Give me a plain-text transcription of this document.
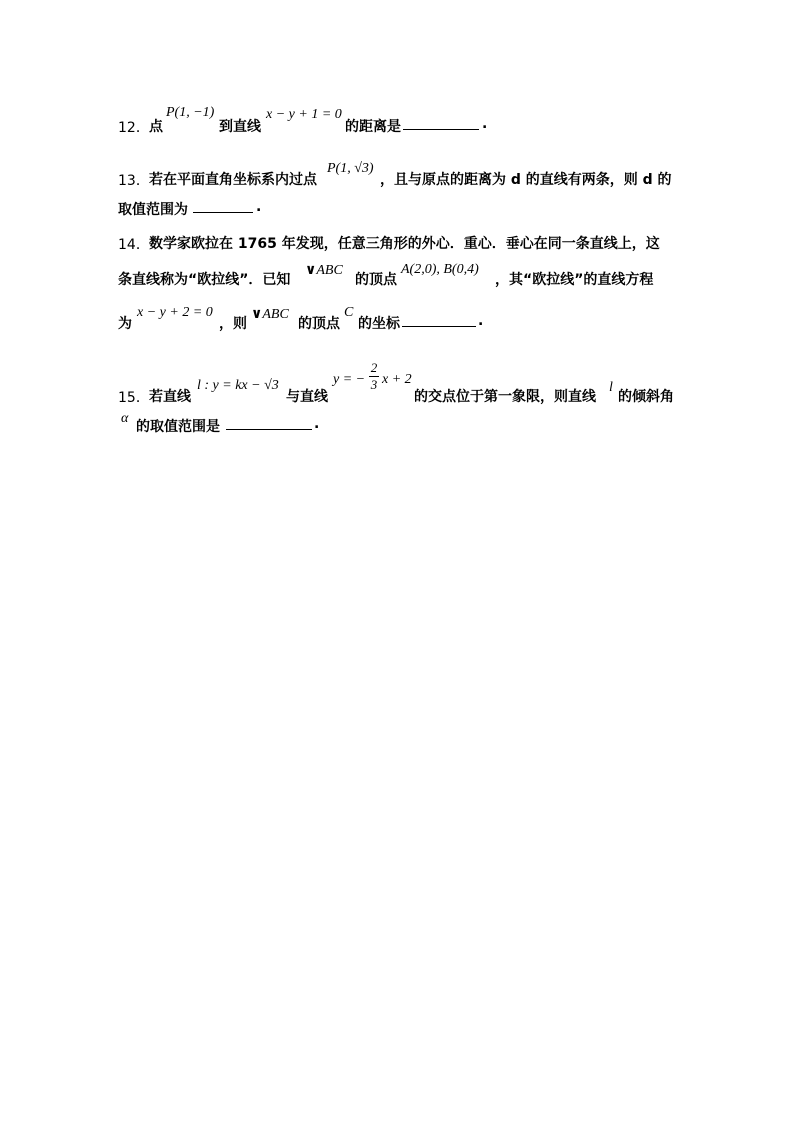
12． 点
P(1, −1)
到直线
x − y + 1 = 0
的距离是	.
13． 若在平面直角坐标系内过点
P(1, √3)
，且与原点的距离为 d 的直线有两条，则 d 的
取值范围为	.
14． 数学家欧拉在 1765 年发现，任意三角形的外心．重心．垂心在同一条直线上，这
条直线称为“欧拉线”．已知
∨ABC
的顶点
A(2,0), B(0,4)
，其“欧拉线”的直线方程
为
x − y + 2 = 0
，则
∨ABC
的顶点
C
的坐标	.
15． 若直线
l : y = kx − √3
与直线
y = −
2
3 x + 2
的交点位于第一象限，则直线
l
的倾斜角
α
的取值范围是	.
